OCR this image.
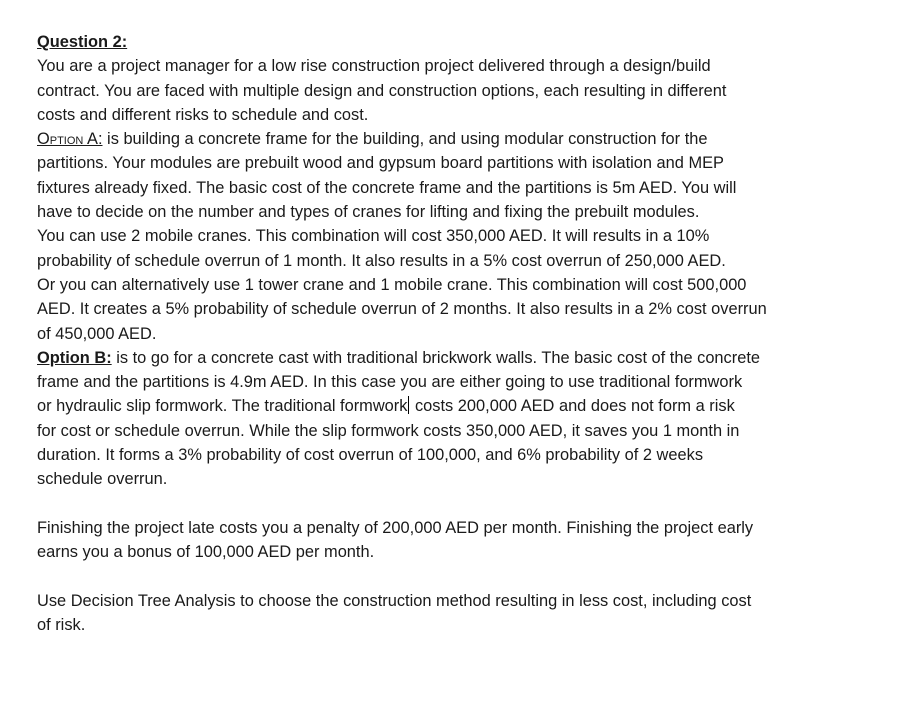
Question 2:
You are a project manager for a low rise construction project delivered through a design/build
contract. You are faced with multiple design and construction options, each resulting in different
costs and different risks to schedule and cost.
Option A: is building a concrete frame for the building, and using modular construction for the
partitions. Your modules are prebuilt wood and gypsum board partitions with isolation and MEP
fixtures already fixed. The basic cost of the concrete frame and the partitions is 5m AED. You will
have to decide on the number and types of cranes for lifting and fixing the prebuilt modules.
You can use 2 mobile cranes. This combination will cost 350,000 AED. It will results in a 10%
probability of schedule overrun of 1 month. It also results in a 5% cost overrun of 250,000 AED.
Or you can alternatively use 1 tower crane and 1 mobile crane. This combination will cost 500,000
AED. It creates a 5% probability of schedule overrun of 2 months. It also results in a 2% cost overrun
of 450,000 AED.
Option B: is to go for a concrete cast with traditional brickwork walls. The basic cost of the concrete
frame and the partitions is 4.9m AED. In this case you are either going to use traditional formwork
or hydraulic slip formwork. The traditional formwork costs 200,000 AED and does not form a risk
for cost or schedule overrun. While the slip formwork costs 350,000 AED, it saves you 1 month in
duration. It forms a 3% probability of cost overrun of 100,000, and 6% probability of 2 weeks
schedule overrun.
Finishing the project late costs you a penalty of 200,000 AED per month. Finishing the project early
earns you a bonus of 100,000 AED per month.
Use Decision Tree Analysis to choose the construction method resulting in less cost, including cost
of risk.
